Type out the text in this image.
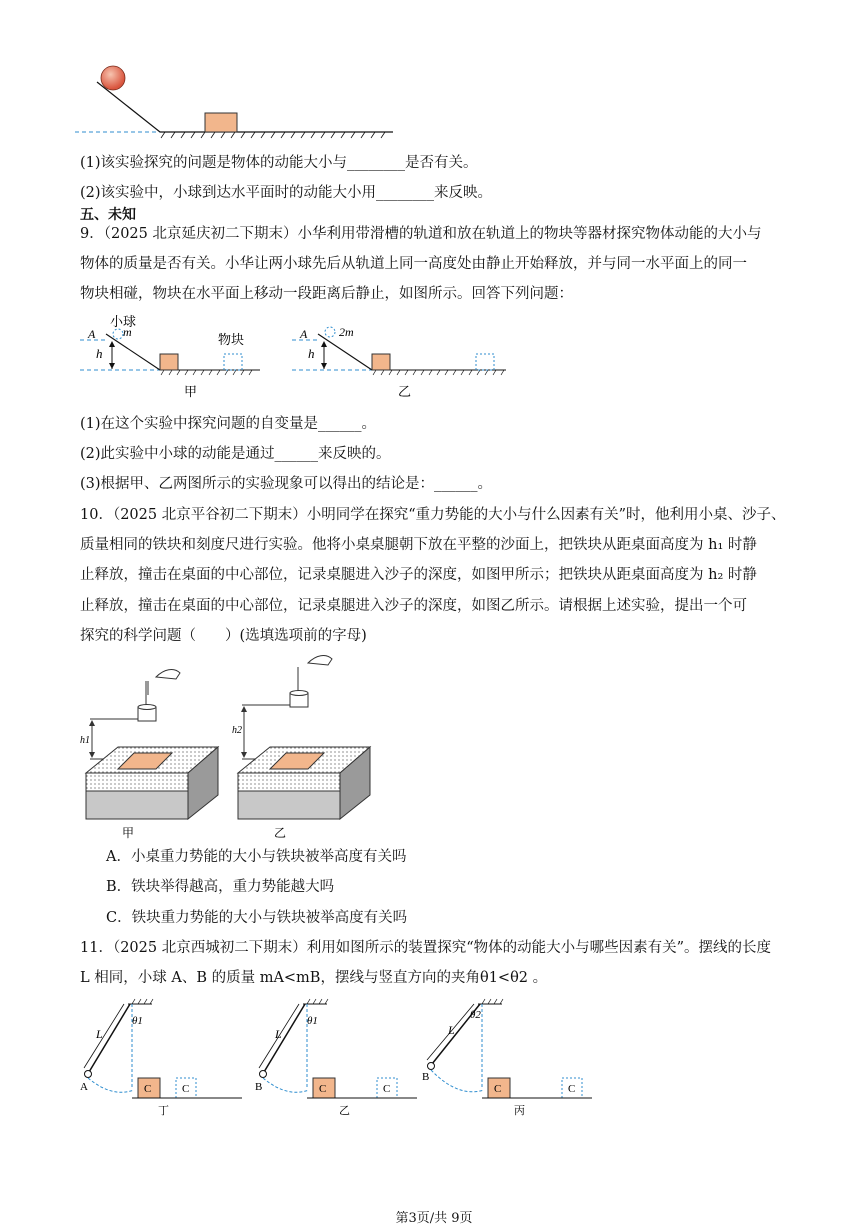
(1)该实验探究的问题是物体的动能大小与________是否有关。
(2)该实验中，小球到达水平面时的动能大小用________来反映。
五、未知
9．（2025 北京延庆初二下期末）小华利用带滑槽的轨道和放在轨道上的物块等器材探究物体动能的大小与
物体的质量是否有关。小华让两小球先后从轨道上同一高度处由静止开始释放，并与同一水平面上的同一
物块相碰，物块在水平面上移动一段距离后静止，如图所示。回答下列问题：
h
A
小球
m	物块
甲
h
A	2m
乙
(1)在这个实验中探究问题的自变量是______。
(2)此实验中小球的动能是通过______来反映的。
(3)根据甲、乙两图所示的实验现象可以得出的结论是：______。
10．（2025 北京平谷初二下期末）小明同学在探究“重力势能的大小与什么因素有关”时，他利用小桌、沙子、
质量相同的铁块和刻度尺进行实验。他将小桌桌腿朝下放在平整的沙面上，把铁块从距桌面高度为 h₁ 时静
止释放，撞击在桌面的中心部位，记录桌腿进入沙子的深度，如图甲所示；把铁块从距桌面高度为 h₂ 时静
止释放，撞击在桌面的中心部位，记录桌腿进入沙子的深度，如图乙所示。请根据上述实验，提出一个可
探究的科学问题（　　）(选填选项前的字母)
h1
甲
h2
乙
A．小桌重力势能的大小与铁块被举高度有关吗
B．铁块举得越高，重力势能越大吗
C．铁块重力势能的大小与铁块被举高度有关吗
11．（2025 北京西城初二下期末）利用如图所示的装置探究“物体的动能大小与哪些因素有关”。摆线的长度
L 相同，小球 A、B 的质量 mA<mB，摆线与竖直方向的夹角θ1<θ2 。
L
θ1
A	C	C
丁
L
θ1
B	C	C
乙
L
θ2
B
C	C
丙
第3页/共 9页
